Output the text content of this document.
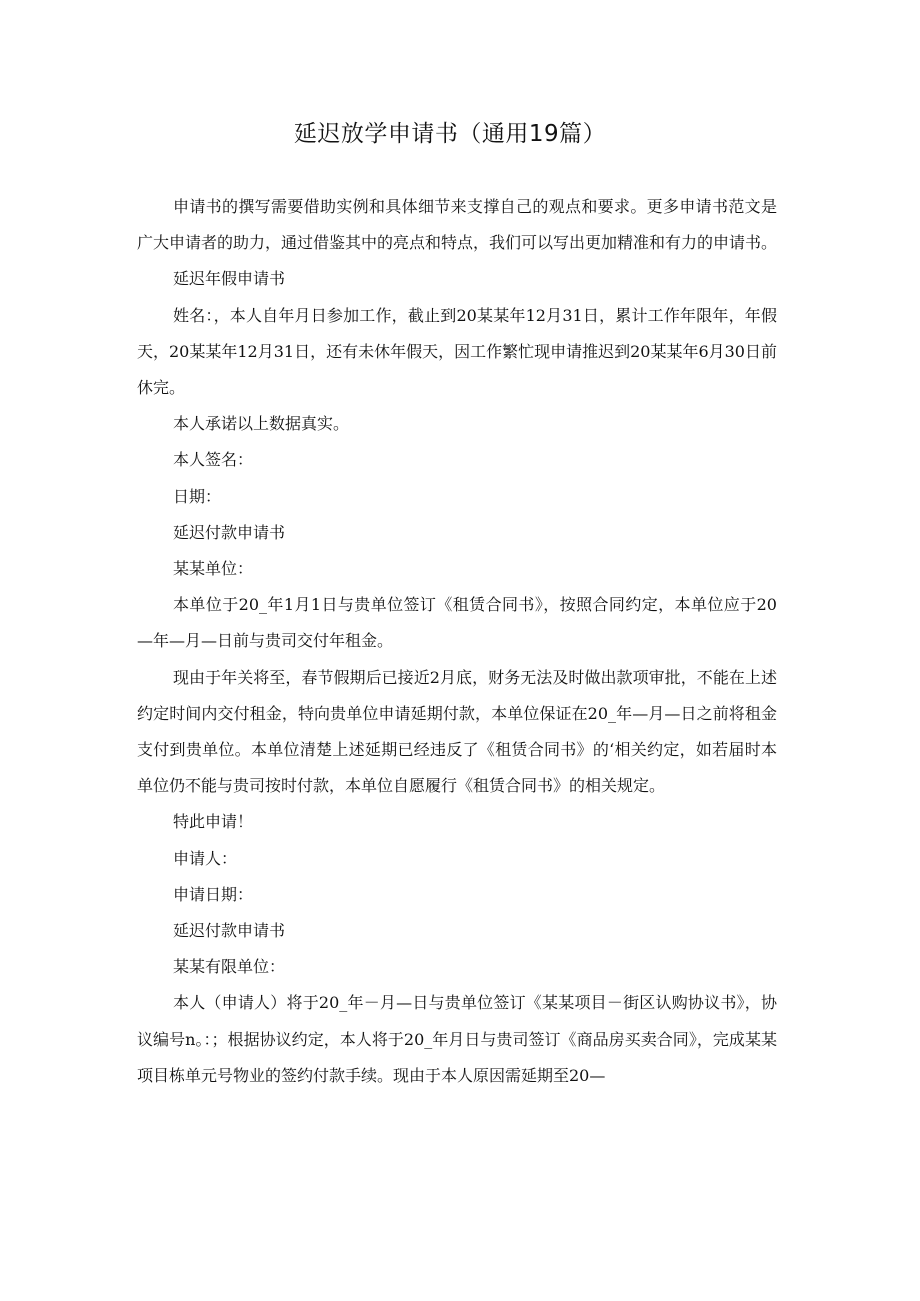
延迟放学申请书（通用19篇）

申请书的撰写需要借助实例和具体细节来支撑自己的观点和要求。更多申请书范文是广大申请者的助力，通过借鉴其中的亮点和特点，我们可以写出更加精准和有力的申请书。

延迟年假申请书

姓名：，本人自年月日参加工作，截止到20某某年12月31日，累计工作年限年，年假天，20某某年12月31日，还有未休年假天，因工作繁忙现申请推迟到20某某年6月30日前休完。

本人承诺以上数据真实。

本人签名：

日期：

延迟付款申请书

某某单位：

本单位于20_年1月1日与贵单位签订《租赁合同书》，按照合同约定，本单位应于20—年—月—日前与贵司交付年租金。

现由于年关将至，春节假期后已接近2月底，财务无法及时做出款项审批，不能在上述约定时间内交付租金，特向贵单位申请延期付款，本单位保证在20_年—月—日之前将租金支付到贵单位。本单位清楚上述延期已经违反了《租赁合同书》的‘相关约定，如若届时本单位仍不能与贵司按时付款，本单位自愿履行《租赁合同书》的相关规定。

特此申请！

申请人：

申请日期：

延迟付款申请书

某某有限单位：

本人（申请人）将于20_年－月—日与贵单位签订《某某项目－街区认购协议书》，协议编号n。：；根据协议约定，本人将于20_年月日与贵司签订《商品房买卖合同》，完成某某项目栋单元号物业的签约付款手续。现由于本人原因需延期至20—
